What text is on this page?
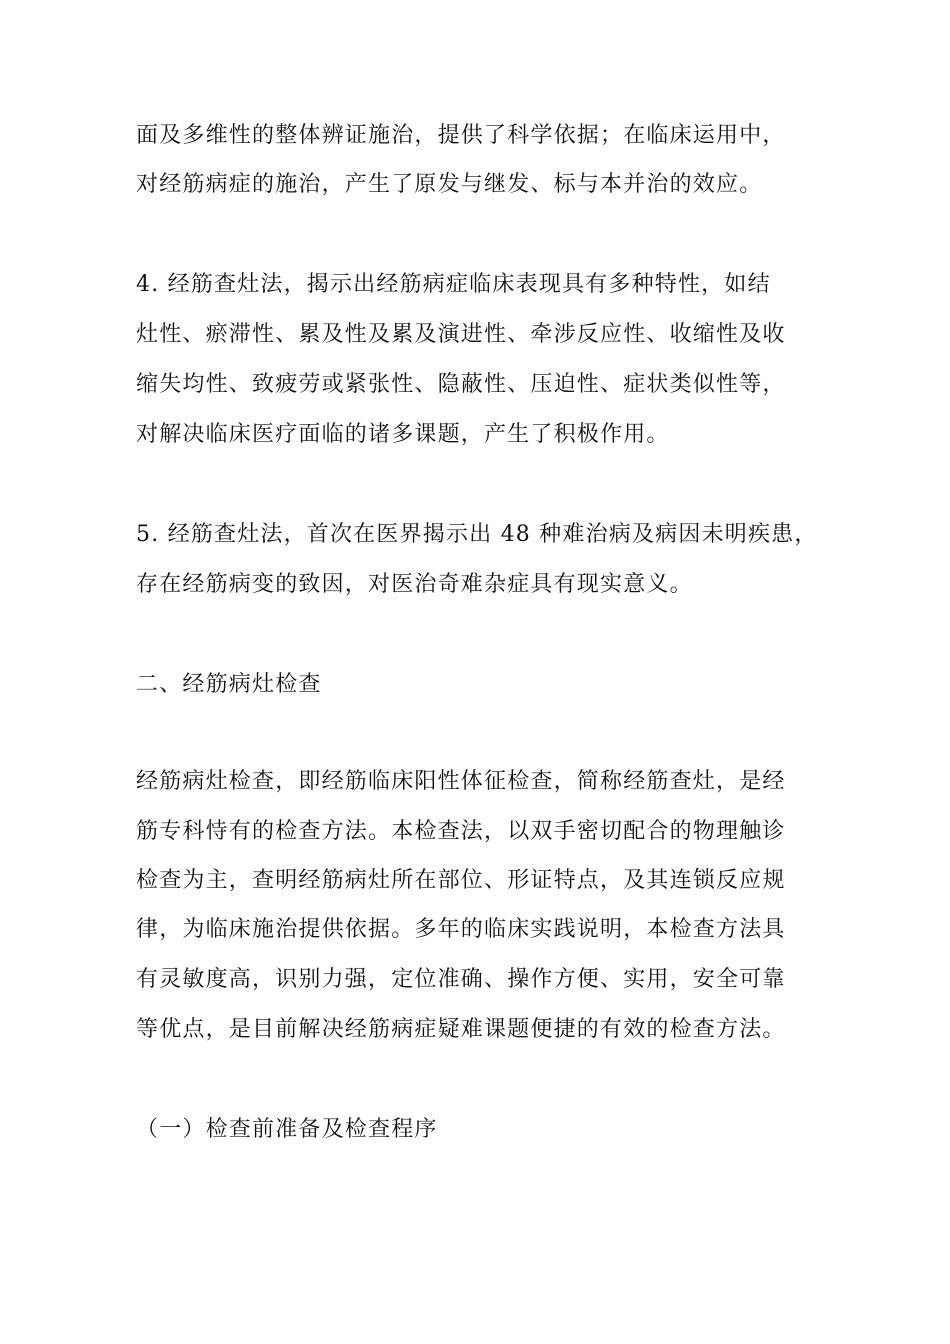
面及多维性的整体辨证施治，提供了科学依据；在临床运用中，
对经筋病症的施治，产生了原发与继发、标与本并治的效应。
4. 经筋查灶法，揭示出经筋病症临床表现具有多种特性，如结
灶性、瘀滞性、累及性及累及演进性、牵涉反应性、收缩性及收
缩失均性、致疲劳或紧张性、隐蔽性、压迫性、症状类似性等，
对解决临床医疗面临的诸多课题，产生了积极作用。
5. 经筋查灶法，首次在医界揭示出 48 种难治病及病因未明疾患，
存在经筋病变的致因，对医治奇难杂症具有现实意义。
二、经筋病灶检查
经筋病灶检查，即经筋临床阳性体征检查，简称经筋查灶，是经
筋专科恃有的检查方法。本检查法，以双手密切配合的物理触诊
检查为主，查明经筋病灶所在部位、形证特点，及其连锁反应规
律，为临床施治提供依据。多年的临床实践说明，本检查方法具
有灵敏度高，识别力强，定位准确、操作方便、实用，安全可靠
等优点，是目前解决经筋病症疑难课题便捷的有效的检查方法。
（一）检查前准备及检查程序
